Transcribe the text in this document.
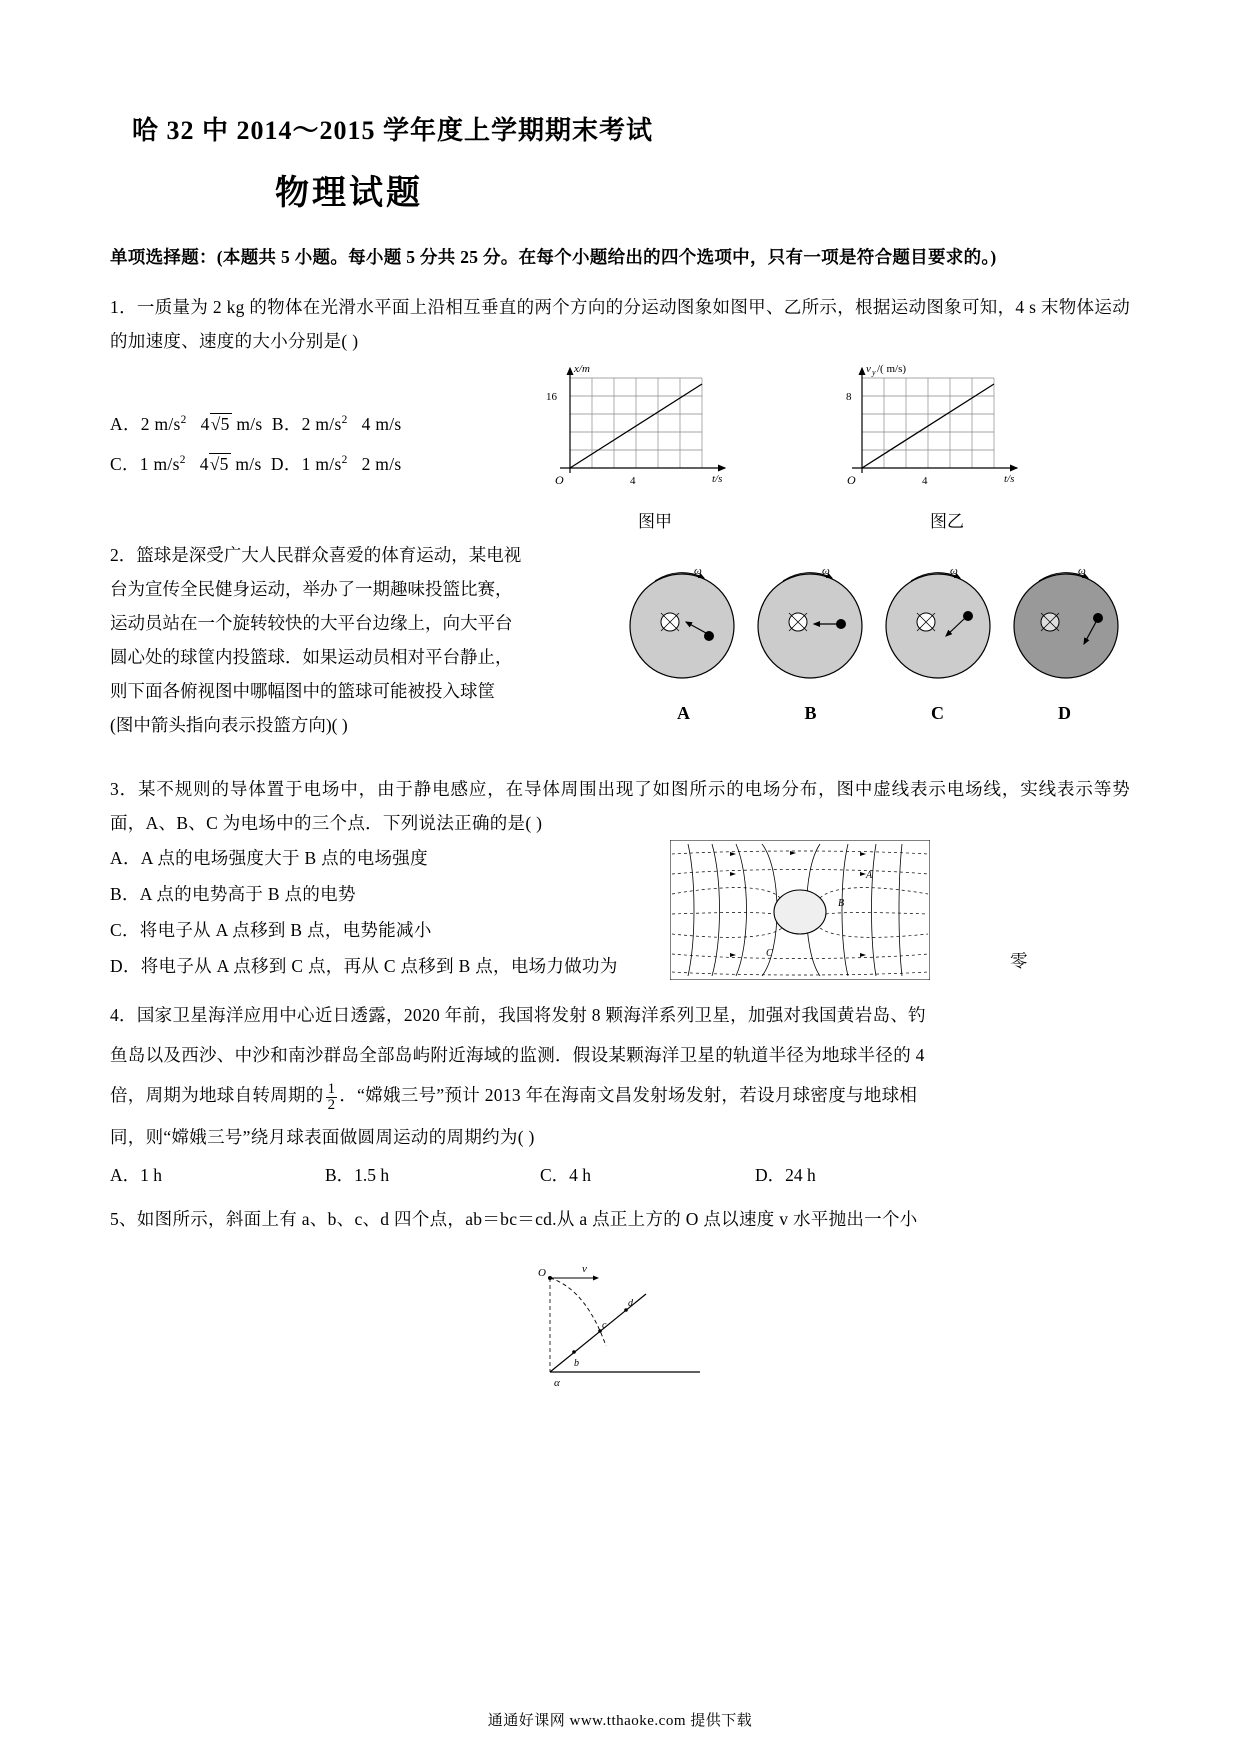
哈 32 中 2014～2015 学年度上学期期末考试
物理试题
单项选择题：(本题共 5 小题。每小题 5 分共 25 分。在每个小题给出的四个选项中，只有一项是符合题目要求的。)
1．一质量为 2 kg 的物体在光滑水平面上沿相互垂直的两个方向的分运动图象如图甲、乙所示，根据运动图象可知，4 s 末物体运动的加速度、速度的大小分别是( )
A．2 $m/s^2$   4√5 m/s  B．2 $m/s^2$   4 m/s
C．1 $m/s^2$   4√5 m/s  D．1 $m/s^2$   2 m/s
x/m
16
O	4	t/s
图甲
v y /( m/s)
8
O	4	t/s
图乙
2．篮球是深受广大人民群众喜爱的体育运动，某电视
台为宣传全民健身运动，举办了一期趣味投篮比赛，
运动员站在一个旋转较快的大平台边缘上，向大平台
圆心处的球筐内投篮球．如果运动员相对平台静止，
则下面各俯视图中哪幅图中的篮球可能被投入球筐
(图中箭头指向表示投篮方向)( )
ω	ω	ω	ω
A	B	C	D
3．某不规则的导体置于电场中，由于静电感应，在导体周围出现了如图所示的电场分布，图中虚线表示电场线，实线表示等势面，A、B、C 为电场中的三个点．下列说法正确的是( )
A．A 点的电场强度大于 B 点的电场强度
B．A 点的电势高于 B 点的电势
C．将电子从 A 点移到 B 点，电势能减小
D．将电子从 A 点移到 C 点，再从 C 点移到 B 点，电场力做功为	零
B
A
C
4．国家卫星海洋应用中心近日透露，2020 年前，我国将发射 8 颗海洋系列卫星，加强对我国黄岩岛、钓
鱼岛以及西沙、中沙和南沙群岛全部岛屿附近海域的监测．假设某颗海洋卫星的轨道半径为地球半径的 4
倍，周期为地球自转周期的 $\frac{1}{2}$ ．“嫦娥三号”预计 2013 年在海南文昌发射场发射，若设月球密度与地球相
同，则“嫦娥三号”绕月球表面做圆周运动的周期约为( )
A．1 h	B．1.5 h	C．4 h	D．24 h
5、如图所示，斜面上有 a、b、c、d 四个点，ab＝bc＝cd.从 a 点正上方的 O 点以速度 v 水平抛出一个小
O	v
b
c
d
α
通通好课网 www.tthaoke.com 提供下载
